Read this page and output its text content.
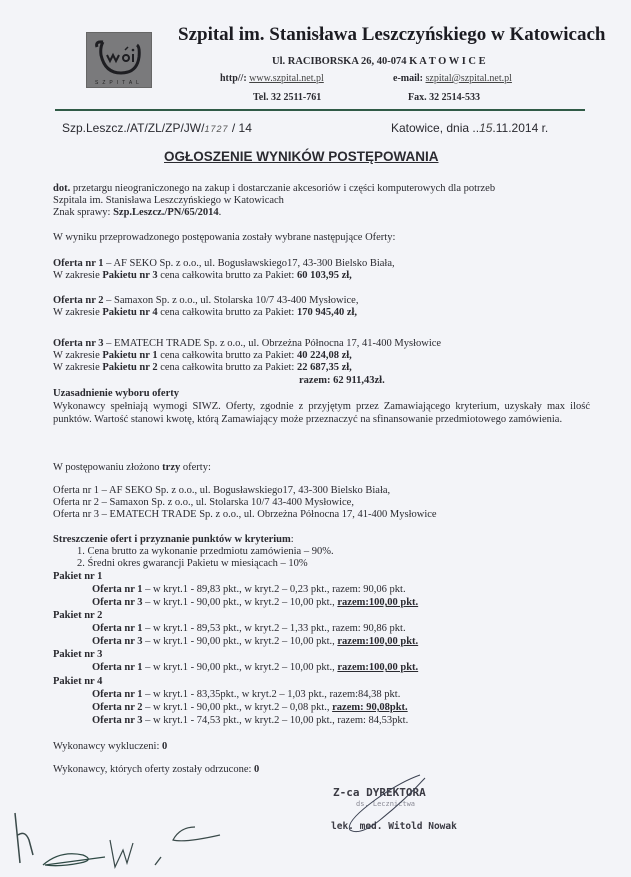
SZPITAL
Szpital im. Stanisława Leszczyńskiego w Katowicach
Ul. RACIBORSKA 26, 40-074 K A T O W I C E
http//: www.szpital.net.pl	e-mail: szpital@szpital.net.pl
Tel. 32 2511-761	Fax. 32 2514-533
Szp.Leszcz./AT/ZL/ZP/JW/1727 / 14	Katowice, dnia ..15.11.2014 r.
OGŁOSZENIE WYNIKÓW POSTĘPOWANIA
dot. przetargu nieograniczonego na zakup i dostarczanie akcesoriów i części komputerowych dla potrzeb
Szpitala im. Stanisława Leszczyńskiego w Katowicach
Znak sprawy: Szp.Leszcz./PN/65/2014.
W wyniku przeprowadzonego postępowania zostały wybrane następujące Oferty:
Oferta nr 1 – AF SEKO Sp. z o.o., ul. Bogusławskiego17, 43-300 Bielsko Biała,
W zakresie Pakietu nr 3 cena całkowita brutto za Pakiet: 60 103,95 zł,
Oferta nr 2 – Samaxon Sp. z o.o., ul. Stolarska 10/7 43-400 Mysłowice,
W zakresie Pakietu nr 4 cena całkowita brutto za Pakiet: 170 945,40 zł,
Oferta nr 3 – EMATECH TRADE Sp. z o.o., ul. Obrzeżna Północna 17, 41-400 Mysłowice
W zakresie Pakietu nr 1 cena całkowita brutto za Pakiet: 40 224,08 zł,
W zakresie Pakietu nr 2 cena całkowita brutto za Pakiet: 22 687,35 zł,
razem: 62 911,43zł.
Uzasadnienie wyboru oferty
Wykonawcy spełniają wymogi SIWZ. Oferty, zgodnie z przyjętym przez Zamawiającego kryterium, uzyskały max ilość punktów. Wartość stanowi kwotę, którą Zamawiający może przeznaczyć na sfinansowanie przedmiotowego zamówienia.
W postępowaniu złożono trzy oferty:
Oferta nr 1 – AF SEKO Sp. z o.o., ul. Bogusławskiego17, 43-300 Bielsko Biała,
Oferta nr 2 – Samaxon Sp. z o.o., ul. Stolarska 10/7 43-400 Mysłowice,
Oferta nr 3 – EMATECH TRADE Sp. z o.o., ul. Obrzeżna Północna 17, 41-400 Mysłowice
Streszczenie ofert i przyznanie punktów w kryterium:
1. Cena brutto za wykonanie przedmiotu zamówienia – 90%.
2. Średni okres gwarancji Pakietu w miesiącach – 10%
Pakiet nr 1
Oferta nr 1 – w kryt.1 - 89,83 pkt., w kryt.2 – 0,23 pkt., razem: 90,06 pkt.
Oferta nr 3 – w kryt.1 - 90,00 pkt., w kryt.2 – 10,00 pkt., razem:100,00 pkt.
Pakiet nr 2
Oferta nr 1 – w kryt.1 - 89,53 pkt., w kryt.2 – 1,33 pkt., razem: 90,86 pkt.
Oferta nr 3 – w kryt.1 - 90,00 pkt., w kryt.2 – 10,00 pkt., razem:100,00 pkt.
Pakiet nr 3
Oferta nr 1 – w kryt.1 - 90,00 pkt., w kryt.2 – 10,00 pkt., razem:100,00 pkt.
Pakiet nr 4
Oferta nr 1 – w kryt.1 - 83,35pkt., w kryt.2 – 1,03 pkt., razem:84,38 pkt.
Oferta nr 2 – w kryt.1 - 90,00 pkt., w kryt.2 – 0,08 pkt., razem: 90,08pkt.
Oferta nr 3 – w kryt.1 - 74,53 pkt., w kryt.2 – 10,00 pkt., razem: 84,53pkt.
Wykonawcy wykluczeni: 0
Wykonawcy, których oferty zostały odrzucone: 0
Z-ca DYREKTORA
ds. Lecznictwa
lek. med. Witold Nowak
